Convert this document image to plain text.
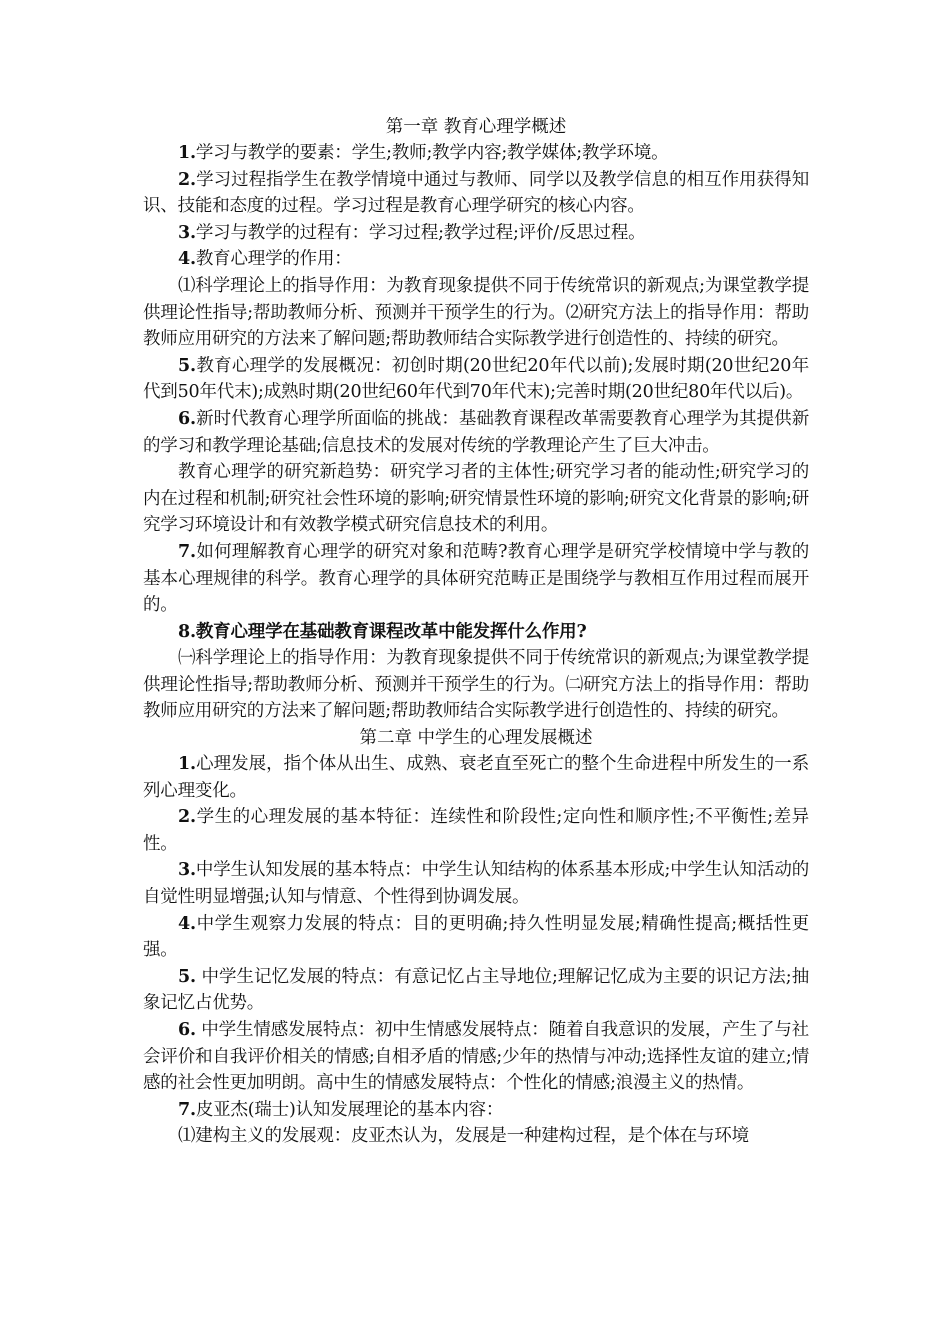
第一章 教育心理学概述

1.学习与教学的要素：学生;教师;教学内容;教学媒体;教学环境。

2.学习过程指学生在教学情境中通过与教师、同学以及教学信息的相互作用获得知识、技能和态度的过程。学习过程是教育心理学研究的核心内容。

3.学习与教学的过程有：学习过程;教学过程;评价/反思过程。

4.教育心理学的作用：

⑴科学理论上的指导作用：为教育现象提供不同于传统常识的新观点;为课堂教学提供理论性指导;帮助教师分析、预测并干预学生的行为。⑵研究方法上的指导作用：帮助教师应用研究的方法来了解问题;帮助教师结合实际教学进行创造性的、持续的研究。

5.教育心理学的发展概况：初创时期(20世纪20年代以前);发展时期(20世纪20年代到50年代末);成熟时期(20世纪60年代到70年代末);完善时期(20世纪80年代以后)。

6.新时代教育心理学所面临的挑战：基础教育课程改革需要教育心理学为其提供新的学习和教学理论基础;信息技术的发展对传统的学教理论产生了巨大冲击。

教育心理学的研究新趋势：研究学习者的主体性;研究学习者的能动性;研究学习的内在过程和机制;研究社会性环境的影响;研究情景性环境的影响;研究文化背景的影响;研究学习环境设计和有效教学模式研究信息技术的利用。

7.如何理解教育心理学的研究对象和范畴?教育心理学是研究学校情境中学与教的基本心理规律的科学。教育心理学的具体研究范畴正是围绕学与教相互作用过程而展开的。

8.教育心理学在基础教育课程改革中能发挥什么作用?

㈠科学理论上的指导作用：为教育现象提供不同于传统常识的新观点;为课堂教学提供理论性指导;帮助教师分析、预测并干预学生的行为。㈡研究方法上的指导作用：帮助教师应用研究的方法来了解问题;帮助教师结合实际教学进行创造性的、持续的研究。

第二章 中学生的心理发展概述

1.心理发展，指个体从出生、成熟、衰老直至死亡的整个生命进程中所发生的一系列心理变化。

2.学生的心理发展的基本特征：连续性和阶段性;定向性和顺序性;不平衡性;差异性。

3.中学生认知发展的基本特点：中学生认知结构的体系基本形成;中学生认知活动的自觉性明显增强;认知与情意、个性得到协调发展。

4.中学生观察力发展的特点：目的更明确;持久性明显发展;精确性提高;概括性更强。

5. 中学生记忆发展的特点：有意记忆占主导地位;理解记忆成为主要的识记方法;抽象记忆占优势。

6. 中学生情感发展特点：初中生情感发展特点：随着自我意识的发展，产生了与社会评价和自我评价相关的情感;自相矛盾的情感;少年的热情与冲动;选择性友谊的建立;情感的社会性更加明朗。高中生的情感发展特点：个性化的情感;浪漫主义的热情。

7.皮亚杰(瑞士)认知发展理论的基本内容：

⑴建构主义的发展观：皮亚杰认为，发展是一种建构过程，是个体在与环境
